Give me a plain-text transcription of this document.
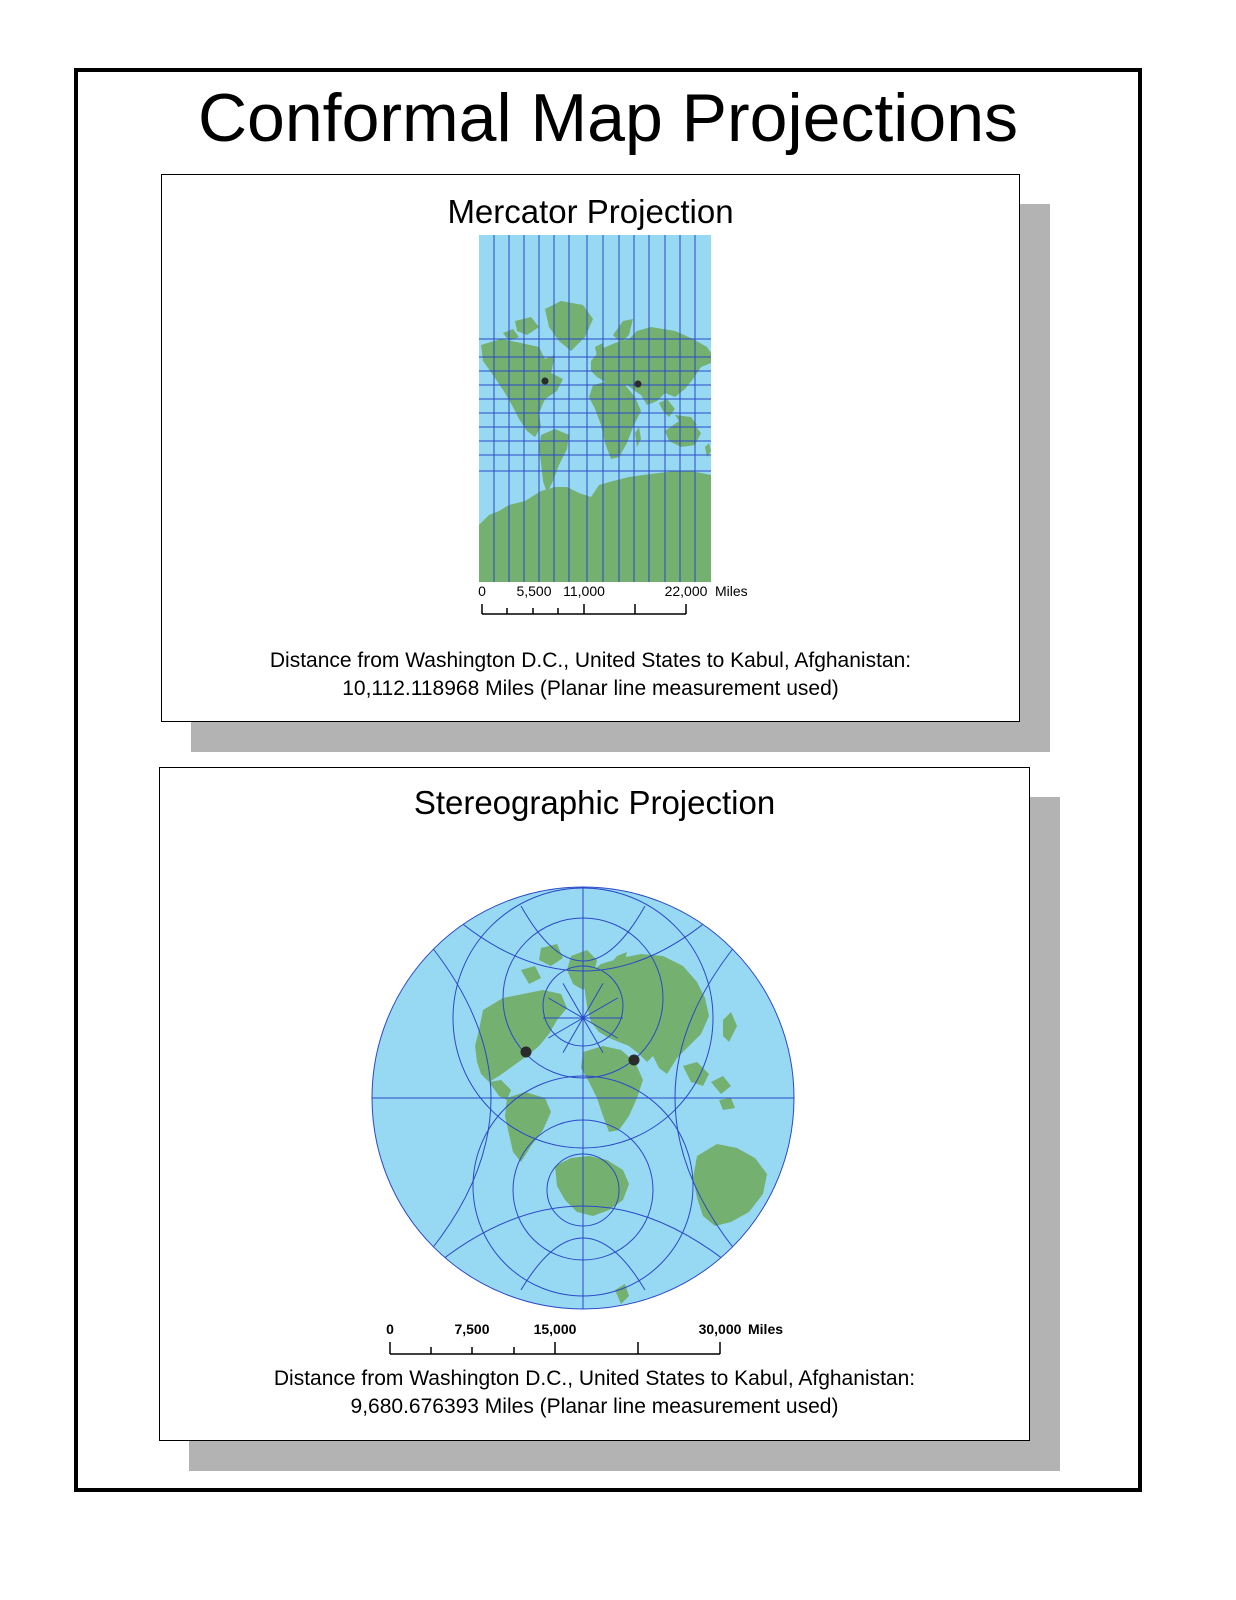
Conformal Map Projections
Mercator Projection
Distance from Washington D.C., United States to Kabul, Afghanistan:
10,112.118968 Miles (Planar line measurement used)
0 5,500 11,000	22,000 Miles
Stereographic Projection
Distance from Washington D.C., United States to Kabul, Afghanistan:
9,680.676393 Miles (Planar line measurement used)
0	7,500	15,000	30,000 Miles
